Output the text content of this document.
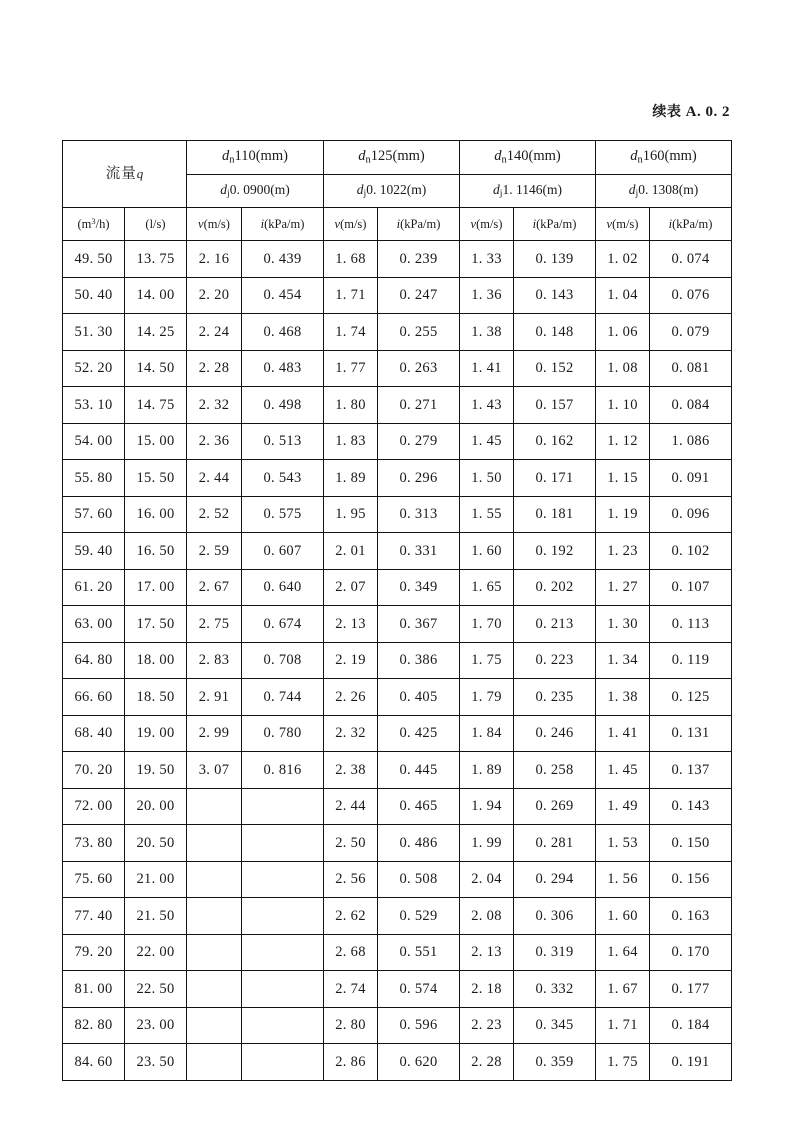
续表 A. 0. 2
流量q		$d_n110(mm)$		$d_n125(mm)$		$d_n140(mm)$		$d_n160(mm)$	
		$d_j0$. 0900(m)		$d_j0$. 1022(m)		$d_j1$. 1146(m)		$d_j0$. 1308(m)	
$(m^3/h)$	(l/s)	v(m/s)	i(kPa/m)	v(m/s)	i(kPa/m)	v(m/s)	i(kPa/m)	v(m/s)	i(kPa/m)
49. 50	13. 75	2. 16	0. 439	1. 68	0. 239	1. 33	0. 139	1. 02	0. 074
50. 40	14. 00	2. 20	0. 454	1. 71	0. 247	1. 36	0. 143	1. 04	0. 076
51. 30	14. 25	2. 24	0. 468	1. 74	0. 255	1. 38	0. 148	1. 06	0. 079
52. 20	14. 50	2. 28	0. 483	1. 77	0. 263	1. 41	0. 152	1. 08	0. 081
53. 10	14. 75	2. 32	0. 498	1. 80	0. 271	1. 43	0. 157	1. 10	0. 084
54. 00	15. 00	2. 36	0. 513	1. 83	0. 279	1. 45	0. 162	1. 12	1. 086
55. 80	15. 50	2. 44	0. 543	1. 89	0. 296	1. 50	0. 171	1. 15	0. 091
57. 60	16. 00	2. 52	0. 575	1. 95	0. 313	1. 55	0. 181	1. 19	0. 096
59. 40	16. 50	2. 59	0. 607	2. 01	0. 331	1. 60	0. 192	1. 23	0. 102
61. 20	17. 00	2. 67	0. 640	2. 07	0. 349	1. 65	0. 202	1. 27	0. 107
63. 00	17. 50	2. 75	0. 674	2. 13	0. 367	1. 70	0. 213	1. 30	0. 113
64. 80	18. 00	2. 83	0. 708	2. 19	0. 386	1. 75	0. 223	1. 34	0. 119
66. 60	18. 50	2. 91	0. 744	2. 26	0. 405	1. 79	0. 235	1. 38	0. 125
68. 40	19. 00	2. 99	0. 780	2. 32	0. 425	1. 84	0. 246	1. 41	0. 131
70. 20	19. 50	3. 07	0. 816	2. 38	0. 445	1. 89	0. 258	1. 45	0. 137
72. 00	20. 00			2. 44	0. 465	1. 94	0. 269	1. 49	0. 143
73. 80	20. 50			2. 50	0. 486	1. 99	0. 281	1. 53	0. 150
75. 60	21. 00			2. 56	0. 508	2. 04	0. 294	1. 56	0. 156
77. 40	21. 50			2. 62	0. 529	2. 08	0. 306	1. 60	0. 163
79. 20	22. 00			2. 68	0. 551	2. 13	0. 319	1. 64	0. 170
81. 00	22. 50			2. 74	0. 574	2. 18	0. 332	1. 67	0. 177
82. 80	23. 00			2. 80	0. 596	2. 23	0. 345	1. 71	0. 184
84. 60	23. 50			2. 86	0. 620	2. 28	0. 359	1. 75	0. 191
